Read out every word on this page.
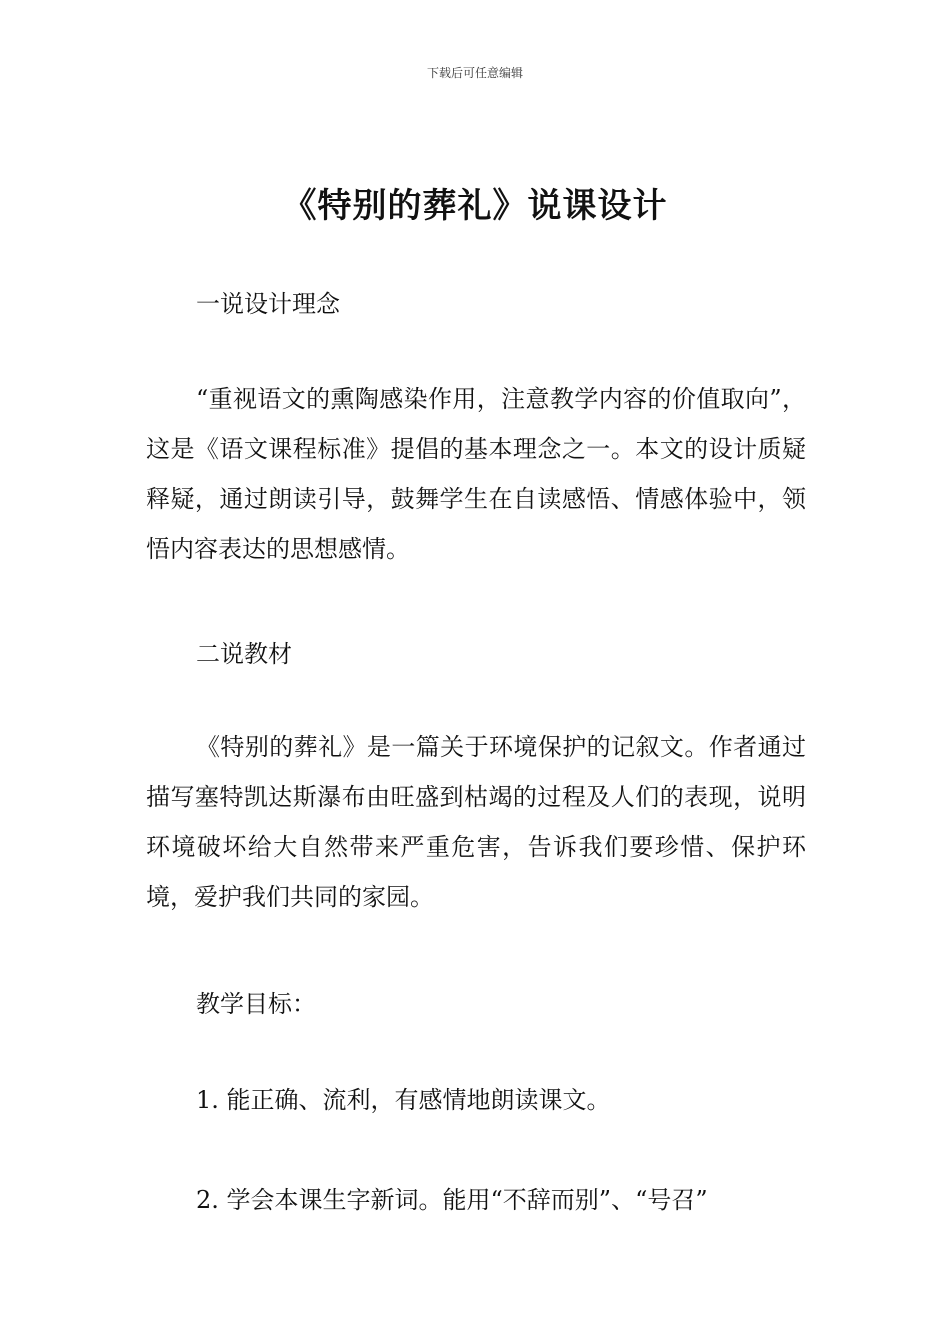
下载后可任意编辑
《特别的葬礼》说课设计

一说设计理念

“重视语文的熏陶感染作用，注意教学内容的价值取向”，这是《语文课程标准》提倡的基本理念之一。本文的设计质疑释疑，通过朗读引导，鼓舞学生在自读感悟、情感体验中，领悟内容表达的思想感情。

二说教材

《特别的葬礼》是一篇关于环境保护的记叙文。作者通过描写塞特凯达斯瀑布由旺盛到枯竭的过程及人们的表现，说明环境破坏给大自然带来严重危害，告诉我们要珍惜、保护环境，爱护我们共同的家园。

教学目标：

1. 能正确、流利，有感情地朗读课文。

2. 学会本课生字新词。能用“不辞而别”、“号召”
